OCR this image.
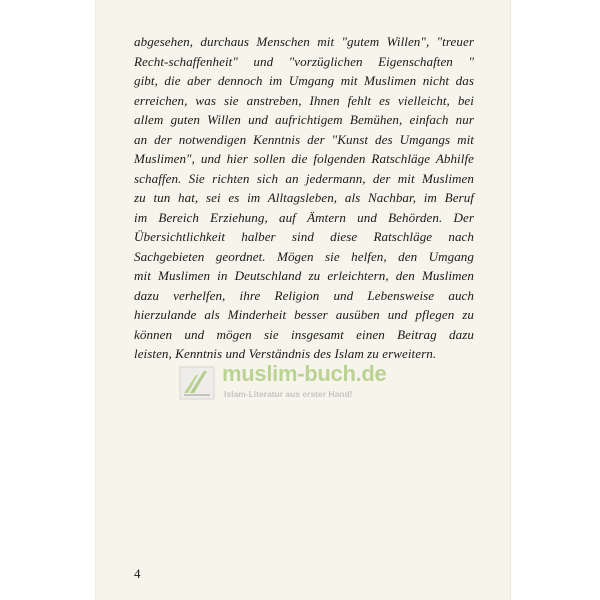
abgesehen, durchaus Menschen mit "gutem Willen", "treuer
Recht-schaffenheit" und "vorzüglichen Eigenschaften "
gibt, die aber dennoch im Umgang mit Muslimen nicht das
erreichen, was sie anstreben, Ihnen fehlt es vielleicht, bei
allem guten Willen und aufrichtigem Bemühen, einfach nur
an der notwendigen Kenntnis der "Kunst des Umgangs mit
Muslimen", und hier sollen die folgenden Ratschläge Abhilfe
schaffen. Sie richten sich an jedermann, der mit Muslimen
zu tun hat, sei es im Alltagsleben, als Nachbar, im Beruf
im Bereich Erziehung, auf Ämtern und Behörden. Der
Übersichtlichkeit halber sind diese Ratschläge nach
Sachgebieten geordnet. Mögen sie helfen, den Umgang
mit Muslimen in Deutschland zu erleichtern, den Muslimen
dazu verhelfen, ihre Religion und Lebensweise auch
hierzulande als Minderheit besser ausüben und pflegen zu
können und mögen sie insgesamt einen Beitrag dazu
leisten, Kenntnis und Verständnis des Islam zu erweitern.
muslim-buch.de
Islam-Literatur aus erster Hand!
4
